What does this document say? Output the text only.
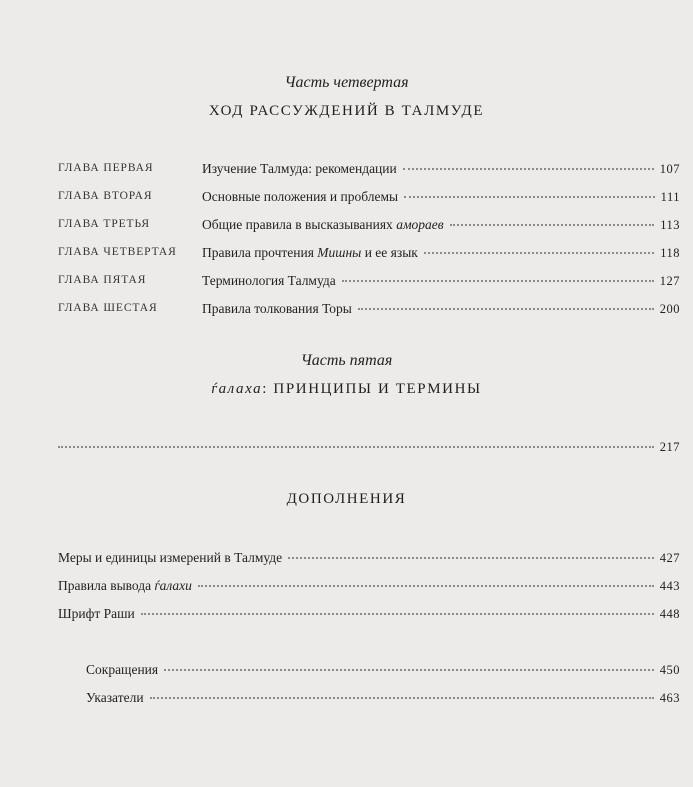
Часть четвертая
ХОД РАССУЖДЕНИЙ В ТАЛМУДЕ
ГЛАВА ПЕРВАЯ	Изучение Талмуда: рекомендации	107
ГЛАВА ВТОРАЯ	Основные положения и проблемы	111
ГЛАВА ТРЕТЬЯ	Общие правила в высказываниях амораев	113
ГЛАВА ЧЕТВЕРТАЯ Правила прочтения Мишны и ее язык	118
ГЛАВА ПЯТАЯ	Терминология Талмуда	127
ГЛАВА ШЕСТАЯ	Правила толкования Торы	200
Часть пятая
ѓалаха: ПРИНЦИПЫ И ТЕРМИНЫ
217
ДОПОЛНЕНИЯ
Меры и единицы измерений в Талмуде	427
Правила вывода ѓалахи	443
Шрифт Раши	448
Сокращения	450
Указатели	463
